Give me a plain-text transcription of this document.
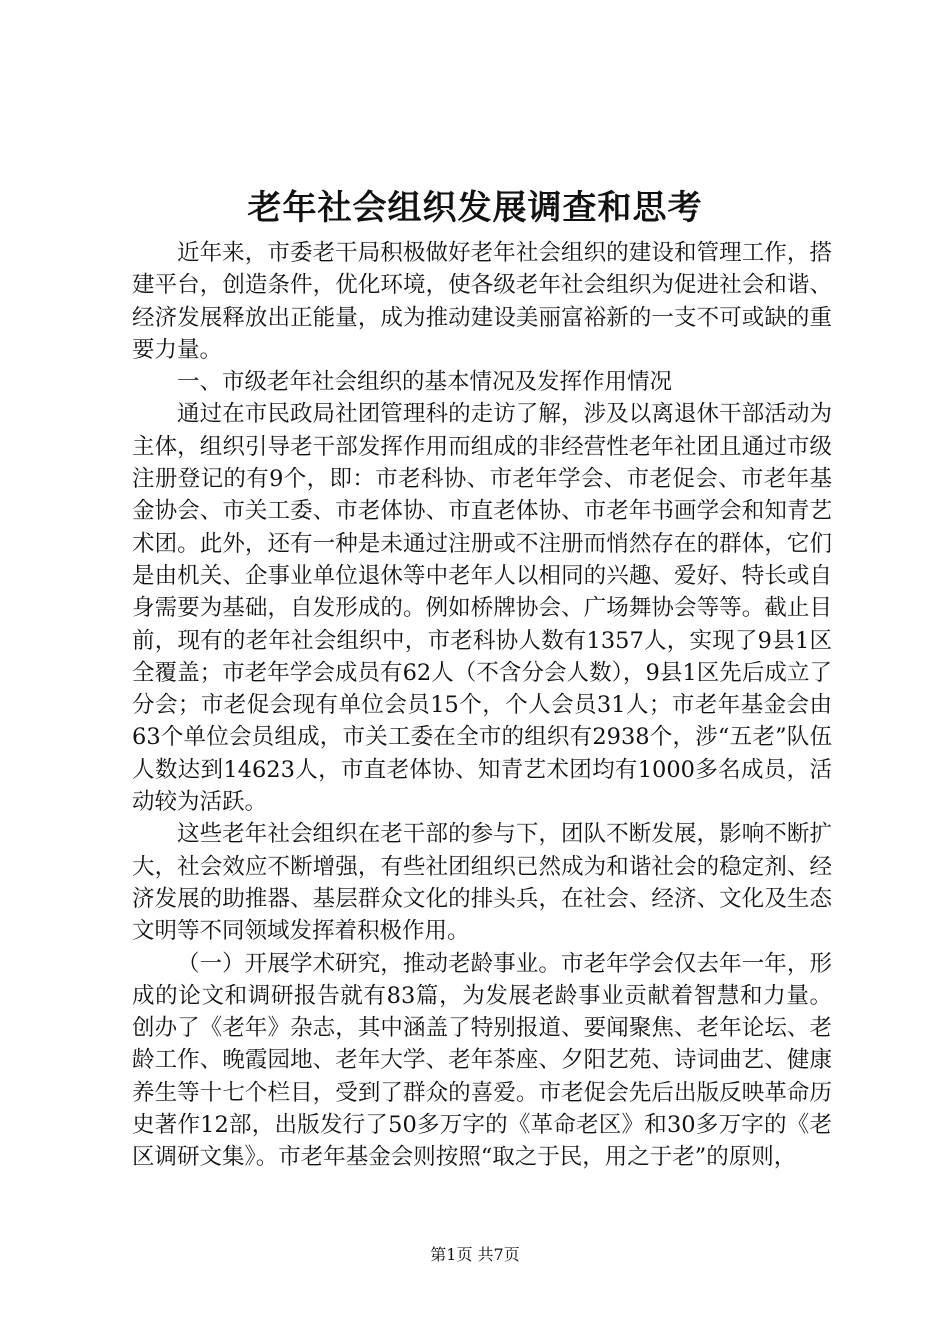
老年社会组织发展调查和思考

近年来，市委老干局积极做好老年社会组织的建设和管理工作，搭建平台，创造条件，优化环境，使各级老年社会组织为促进社会和谐、经济发展释放出正能量，成为推动建设美丽富裕新的一支不可或缺的重要力量。

一、市级老年社会组织的基本情况及发挥作用情况

通过在市民政局社团管理科的走访了解，涉及以离退休干部活动为主体，组织引导老干部发挥作用而组成的非经营性老年社团且通过市级注册登记的有9个，即：市老科协、市老年学会、市老促会、市老年基金协会、市关工委、市老体协、市直老体协、市老年书画学会和知青艺术团。此外，还有一种是未通过注册或不注册而悄然存在的群体，它们是由机关、企事业单位退休等中老年人以相同的兴趣、爱好、特长或自身需要为基础，自发形成的。例如桥牌协会、广场舞协会等等。截止目前，现有的老年社会组织中，市老科协人数有1357人，实现了9县1区全覆盖；市老年学会成员有62人（不含分会人数），9县1区先后成立了分会；市老促会现有单位会员15个，个人会员31人；市老年基金会由63个单位会员组成，市关工委在全市的组织有2938个，涉“五老”队伍人数达到14623人，市直老体协、知青艺术团均有1000多名成员，活动较为活跃。

这些老年社会组织在老干部的参与下，团队不断发展，影响不断扩大，社会效应不断增强，有些社团组织已然成为和谐社会的稳定剂、经济发展的助推器、基层群众文化的排头兵，在社会、经济、文化及生态文明等不同领域发挥着积极作用。

（一）开展学术研究，推动老龄事业。市老年学会仅去年一年，形成的论文和调研报告就有83篇，为发展老龄事业贡献着智慧和力量。创办了《老年》杂志，其中涵盖了特别报道、要闻聚焦、老年论坛、老龄工作、晚霞园地、老年大学、老年茶座、夕阳艺苑、诗词曲艺、健康养生等十七个栏目，受到了群众的喜爱。市老促会先后出版反映革命历史著作12部，出版发行了50多万字的《革命老区》和30多万字的《老区调研文集》。市老年基金会则按照“取之于民，用之于老”的原则，

第1页 共7页
